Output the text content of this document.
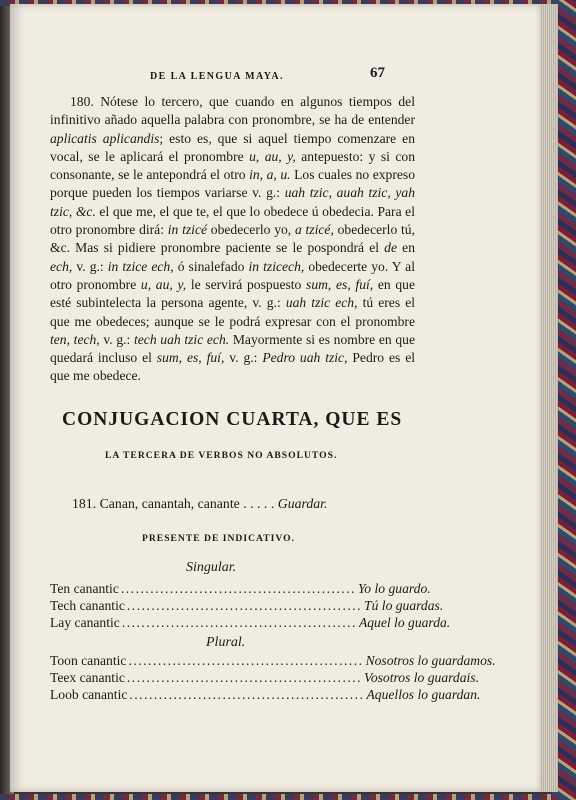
DE LA LENGUA MAYA.	67

180. Nótese lo tercero, que cuando en algunos tiempos del infinitivo añado aquella palabra con pronombre, se ha de entender aplicatis aplicandis; esto es, que si aquel tiempo comenzare en vocal, se le aplicará el pronombre u, au, y, antepuesto: y si con consonante, se le antepondrá el otro in, a, u. Los cuales no expreso porque pueden los tiempos variarse v. g.: uah tzic, auah tzic, yah tzic, &c. el que me, el que te, el que lo obedece ú obedecia. Para el otro pronombre dirá: in tzicé obedecerlo yo, a tzicé, obedecerlo tú, &c. Mas si pidiere pronombre paciente se le pospondrá el de en ech, v. g.: in tzice ech, ó sinalefado in tzicech, obedecerte yo. Y al otro pronombre u, au, y, le servirá pospuesto sum, es, fuí, en que esté subintelecta la persona agente, v. g.: uah tzic ech, tú eres el que me obedeces; aunque se le podrá expresar con el pronombre ten, tech, v. g.: tech uah tzic ech. Mayormente si es nombre en que quedará incluso el sum, es, fuí, v. g.: Pedro uah tzic, Pedro es el que me obedece.

CONJUGACION CUARTA, QUE ES
LA TERCERA DE VERBOS NO ABSOLUTOS.
181. Canan, canantah, canante . . . . . Guardar.
PRESENTE DE INDICATIVO.
Singular.
Ten canantic ................................................ Yo lo guardo.
Tech canantic ................................................ Tú lo guardas.
Lay canantic ................................................ Aquel lo guarda.
Plural.
Toon canantic ................................................ Nosotros lo guardamos.
Teex canantic ................................................ Vosotros lo guardais.
Loob canantic ................................................ Aquellos lo guardan.
